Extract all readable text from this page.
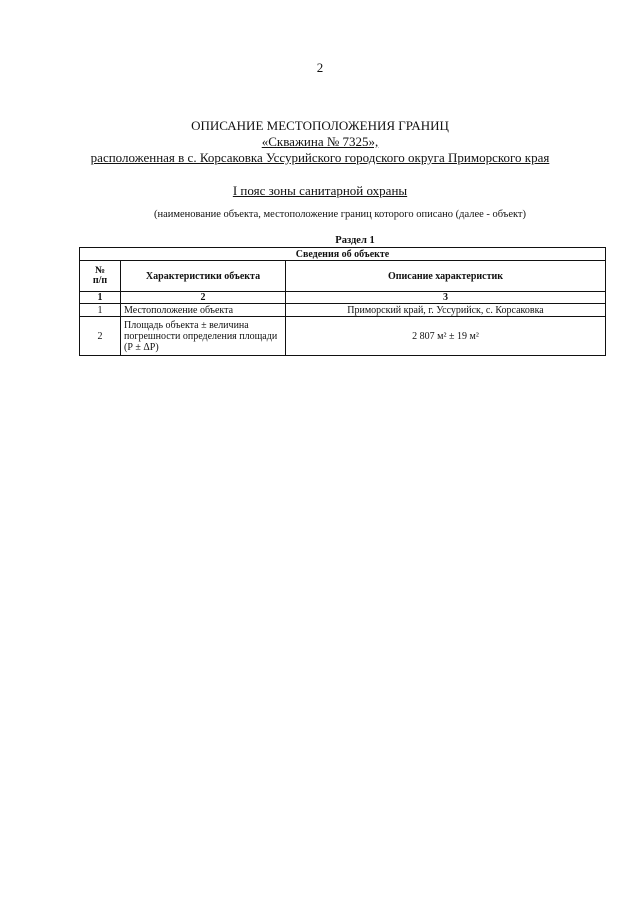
2
ОПИСАНИЕ МЕСТОПОЛОЖЕНИЯ ГРАНИЦ
«Скважина № 7325»,
расположенная в с. Корсаковка Уссурийского городского округа Приморского края
I пояс зоны санитарной охраны
(наименование объекта, местоположение границ которого описано (далее - объект)
Раздел 1
Сведения об объекте		
№
п/п	Характеристики объекта	Описание характеристик
1	2	3
1	Местоположение объекта	Приморский край, г. Уссурийск, с. Корсаковка
2	Площадь объекта ± величина погрешности определения площади (Р ± ΔР)	2 807 м² ± 19 м²
